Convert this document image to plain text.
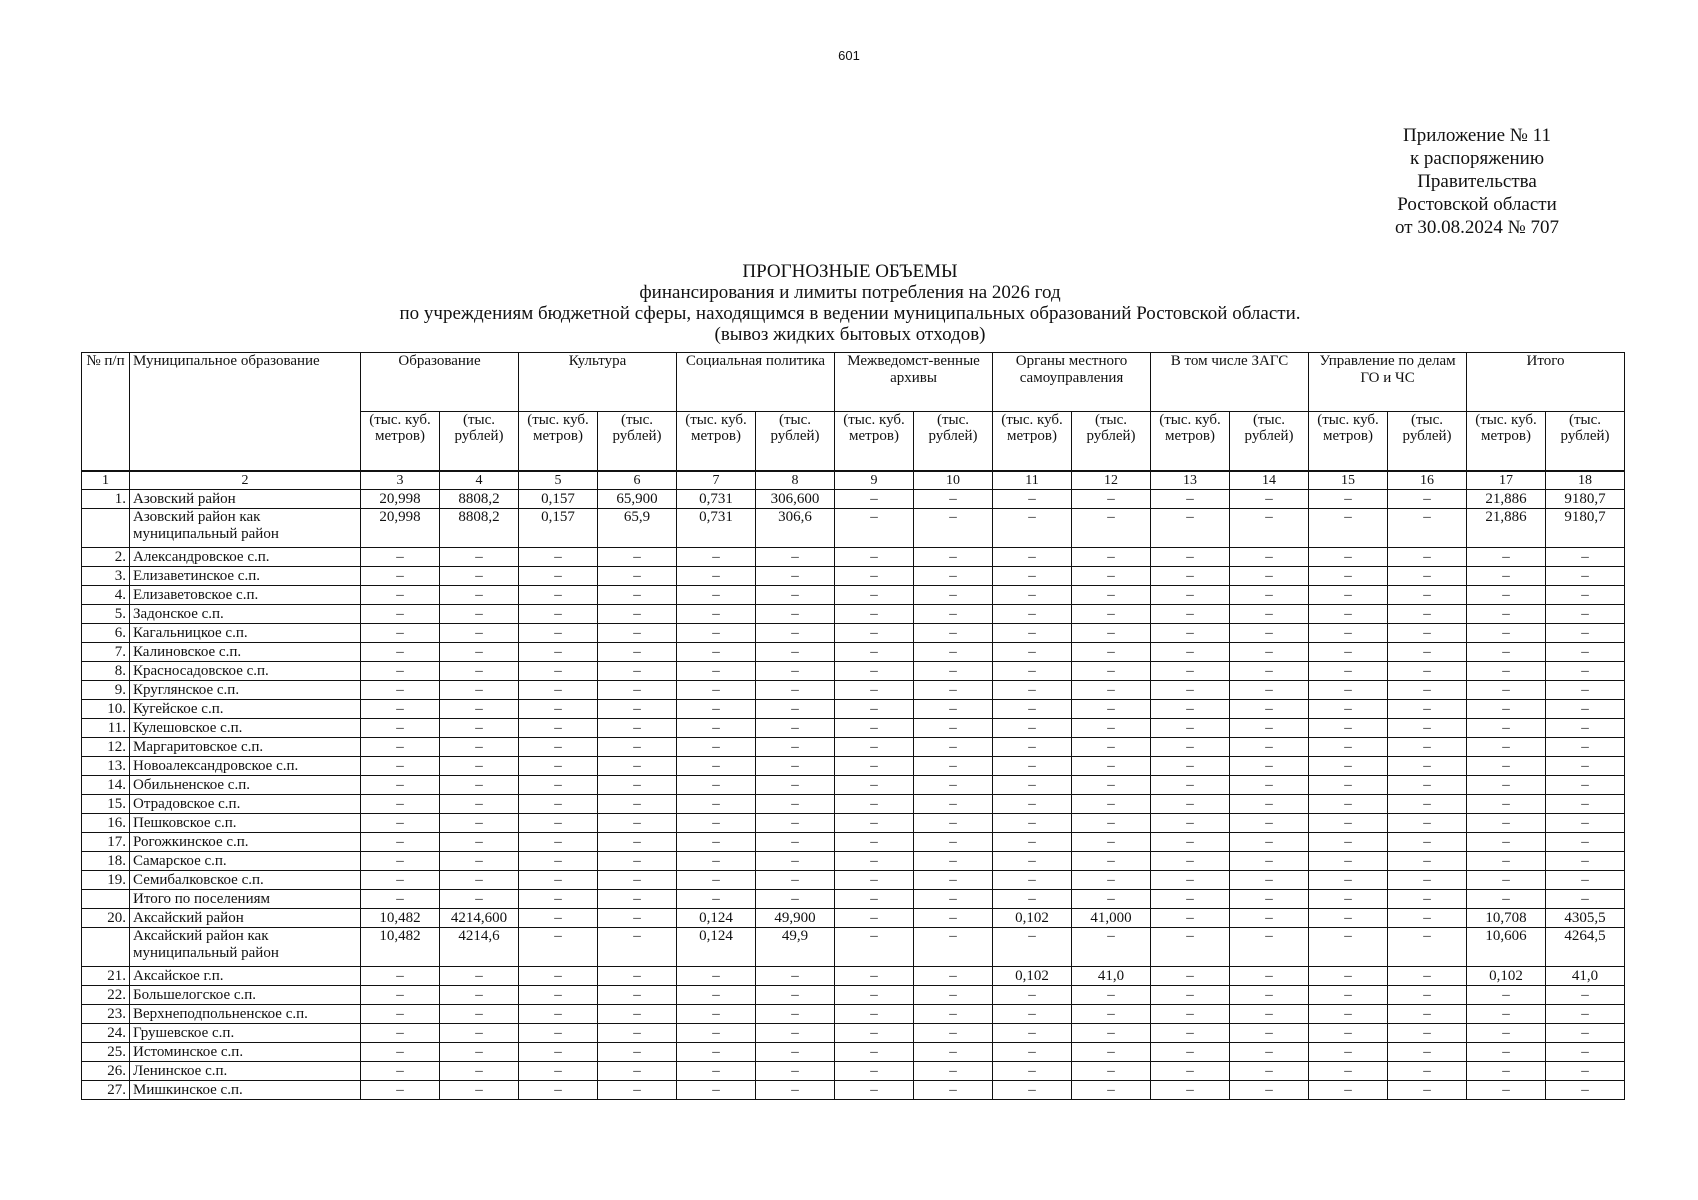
601
Приложение № 11
к распоряжению
Правительства
Ростовской области
от 30.08.2024 № 707
ПРОГНОЗНЫЕ ОБЪЕМЫ
финансирования и лимиты потребления на 2026 год
по учреждениям бюджетной сферы, находящимся в ведении муниципальных образований Ростовской области.
(вывоз жидких бытовых отходов)
№ п/п	Муниципальное образование	Образование		Культура		Социальная политика		Межведомст-венные архивы		Органы местного самоуправления		В том числе ЗАГС		Управление по делам ГО и ЧС		Итого	
		(тыс. куб. метров)	(тыс. рублей)	(тыс. куб. метров)	(тыс. рублей)	(тыс. куб. метров)	(тыс. рублей)	(тыс. куб. метров)	(тыс. рублей)	(тыс. куб. метров)	(тыс. рублей)	(тыс. куб. метров)	(тыс. рублей)	(тыс. куб. метров)	(тыс. рублей)	(тыс. куб. метров)	(тыс. рублей)
1	2	3	4	5	6	7	8	9	10	11	12	13	14	15	16	17	18
1.	Азовский район	20,998	8808,2	0,157	65,900	0,731	306,600	–	–	–	–	–	–	–	–	21,886	9180,7
	Азовский район как муниципальный район	20,998	8808,2	0,157	65,9	0,731	306,6	–	–	–	–	–	–	–	–	21,886	9180,7
2.	Александровское с.п.	–	–	–	–	–	–	–	–	–	–	–	–	–	–	–	–
3.	Елизаветинское с.п.	–	–	–	–	–	–	–	–	–	–	–	–	–	–	–	–
4.	Елизаветовское с.п.	–	–	–	–	–	–	–	–	–	–	–	–	–	–	–	–
5.	Задонское с.п.	–	–	–	–	–	–	–	–	–	–	–	–	–	–	–	–
6.	Кагальницкое с.п.	–	–	–	–	–	–	–	–	–	–	–	–	–	–	–	–
7.	Калиновское с.п.	–	–	–	–	–	–	–	–	–	–	–	–	–	–	–	–
8.	Красносадовское с.п.	–	–	–	–	–	–	–	–	–	–	–	–	–	–	–	–
9.	Круглянское с.п.	–	–	–	–	–	–	–	–	–	–	–	–	–	–	–	–
10.	Кугейское с.п.	–	–	–	–	–	–	–	–	–	–	–	–	–	–	–	–
11.	Кулешовское с.п.	–	–	–	–	–	–	–	–	–	–	–	–	–	–	–	–
12.	Маргаритовское с.п.	–	–	–	–	–	–	–	–	–	–	–	–	–	–	–	–
13.	Новоалександровское с.п.	–	–	–	–	–	–	–	–	–	–	–	–	–	–	–	–
14.	Обильненское с.п.	–	–	–	–	–	–	–	–	–	–	–	–	–	–	–	–
15.	Отрадовское с.п.	–	–	–	–	–	–	–	–	–	–	–	–	–	–	–	–
16.	Пешковское с.п.	–	–	–	–	–	–	–	–	–	–	–	–	–	–	–	–
17.	Рогожкинское с.п.	–	–	–	–	–	–	–	–	–	–	–	–	–	–	–	–
18.	Самарское с.п.	–	–	–	–	–	–	–	–	–	–	–	–	–	–	–	–
19.	Семибалковское с.п.	–	–	–	–	–	–	–	–	–	–	–	–	–	–	–	–
	Итого по поселениям	–	–	–	–	–	–	–	–	–	–	–	–	–	–	–	–
20.	Аксайский район	10,482	4214,600	–	–	0,124	49,900	–	–	0,102	41,000	–	–	–	–	10,708	4305,5
	Аксайский район как муниципальный район	10,482	4214,6	–	–	0,124	49,9	–	–	–	–	–	–	–	–	10,606	4264,5
21.	Аксайское г.п.	–	–	–	–	–	–	–	–	0,102	41,0	–	–	–	–	0,102	41,0
22.	Большелогское с.п.	–	–	–	–	–	–	–	–	–	–	–	–	–	–	–	–
23.	Верхнеподпольненское с.п.	–	–	–	–	–	–	–	–	–	–	–	–	–	–	–	–
24.	Грушевское с.п.	–	–	–	–	–	–	–	–	–	–	–	–	–	–	–	–
25.	Истоминское с.п.	–	–	–	–	–	–	–	–	–	–	–	–	–	–	–	–
26.	Ленинское с.п.	–	–	–	–	–	–	–	–	–	–	–	–	–	–	–	–
27.	Мишкинское с.п.	–	–	–	–	–	–	–	–	–	–	–	–	–	–	–	–
